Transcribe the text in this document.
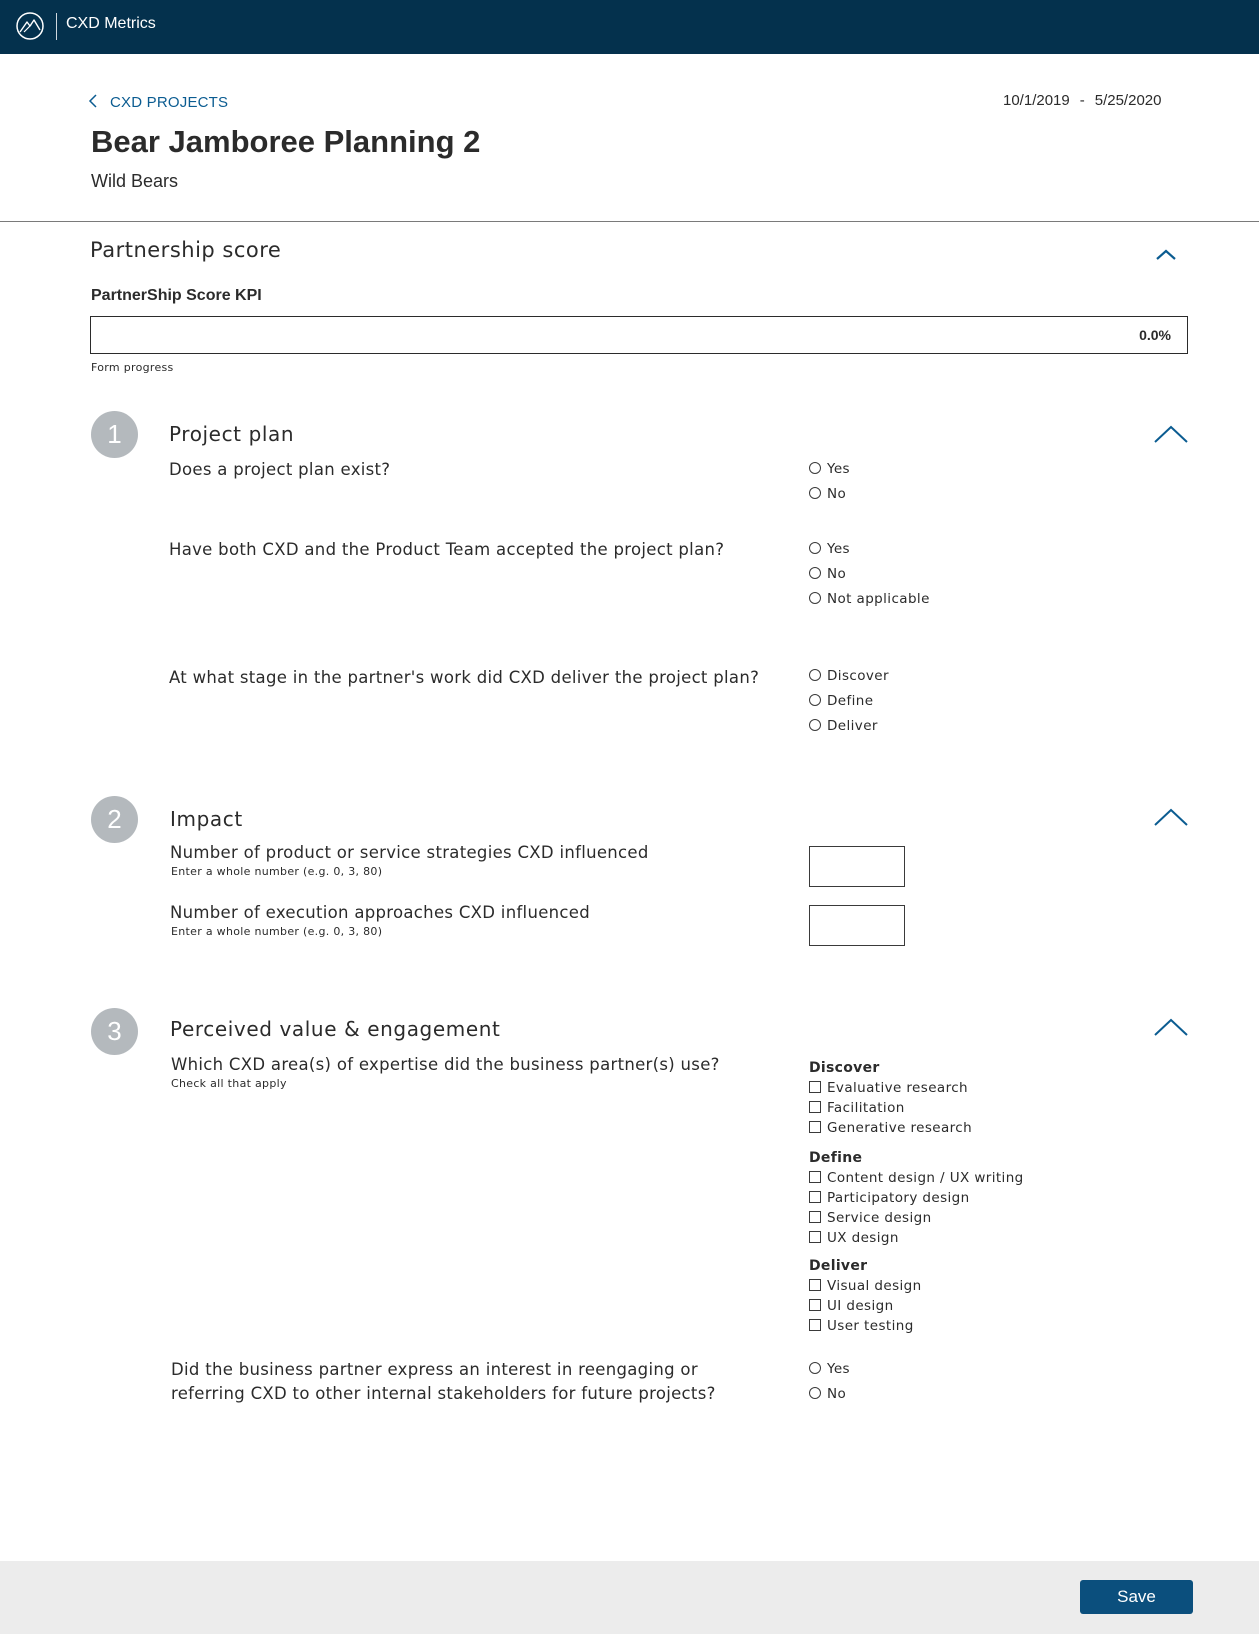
CXD Metrics
CXD PROJECTS	10/1/2019 - 5/25/2020
Bear Jamboree Planning 2
Wild Bears
Partnership score
PartnerShip Score KPI
0.0%
Form progress
1	Project plan
Does a project plan exist?	Yes
No
Have both CXD and the Product Team accepted the project plan?	Yes
No
Not applicable
At what stage in the partner's work did CXD deliver the project plan?	Discover
Define
Deliver
2	Impact
Number of product or service strategies CXD influenced
Enter a whole number (e.g. 0, 3, 80)
Number of execution approaches CXD influenced
Enter a whole number (e.g. 0, 3, 80)
3	Perceived value & engagement
Which CXD area(s) of expertise did the business partner(s) use?
Check all that apply
Discover
Evaluative research
Facilitation
Generative research
Define
Content design / UX writing
Participatory design
Service design
UX design
Deliver
Visual design
UI design
User testing
Did the business partner express an interest in reengaging or
referring CXD to other internal stakeholders for future projects?
Yes
No
Save
